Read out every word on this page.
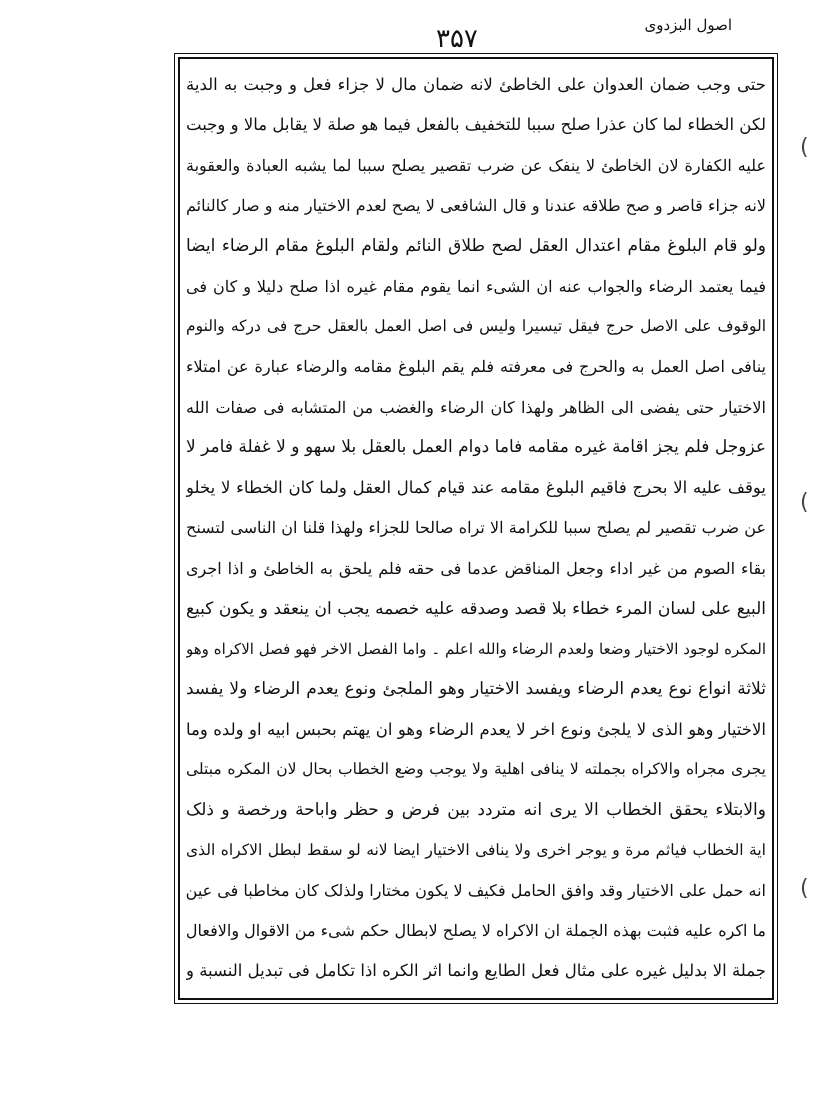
اصول البزدوی
۳۵۷
حتی وجب ضمان العدوان علی الخاطئ لانه ضمان مال لا جزاء فعل و وجبت به الدیة
لکن الخطاء لما کان عذرا صلح سببا للتخفیف بالفعل فیما هو صلة لا یقابل مالا و وجبت
علیه الکفارة لان الخاطئ لا ینفک عن ضرب تقصیر یصلح سببا لما یشبه العبادة والعقوبة
لانه جزاء قاصر و صح طلاقه عندنا و قال الشافعی لا یصح لعدم الاختیار منه و صار کالنائم
ولو قام البلوغ مقام اعتدال العقل لصح طلاق النائم ولقام البلوغ مقام الرضاء ایضا
فیما یعتمد الرضاء والجواب عنه ان الشیء انما یقوم مقام غیره اذا صلح دلیلا و کان فی
الوقوف علی الاصل حرج فیقل تیسیرا ولیس فی اصل العمل بالعقل حرج فی درکه والنوم
ینافی اصل العمل به والحرج فی معرفته فلم یقم البلوغ مقامه والرضاء عبارة عن امتلاء
الاختیار حتی یفضی الی الظاهر ولهذا کان الرضاء والغضب من المتشابه فی صفات الله
عزوجل فلم یجز اقامة غیره مقامه فاما دوام العمل بالعقل بلا سهو و لا غفلة فامر لا
یوقف علیه الا بحرج فاقیم البلوغ مقامه عند قیام کمال العقل ولما کان الخطاء لا یخلو
عن ضرب تقصیر لم یصلح سببا للکرامة الا تراه صالحا للجزاء ولهذا قلنا ان الناسی لتسنح
بقاء الصوم من غیر اداء وجعل المناقض عدما فی حقه فلم یلحق به الخاطئ و اذا اجری
البیع علی لسان المرء خطاء بلا قصد وصدقه علیه خصمه یجب ان ینعقد و یکون کبیع
المکره لوجود الاختیار وضعا ولعدم الرضاء والله اعلم ۔ واما الفصل الاخر فهو فصل الاکراه وهو
ثلاثة انواع نوع یعدم الرضاء ویفسد الاختیار وهو الملجئ ونوع یعدم الرضاء ولا یفسد
الاختیار وهو الذی لا یلجئ ونوع اخر لا یعدم الرضاء وهو ان یهتم بحبس ابیه او ولده وما
یجری مجراه والاکراه بجملته لا ینافی اهلیة ولا یوجب وضع الخطاب بحال لان المکره مبتلی
والابتلاء یحقق الخطاب الا یری انه متردد بین فرض و حظر واباحة ورخصة و ذلک
ایة الخطاب فیاثم مرة و یوجر اخری ولا ینافی الاختیار ایضا لانه لو سقط لبطل الاکراه الذی
انه حمل علی الاختیار وقد وافق الحامل فکیف لا یکون مختارا ولذلک کان مخاطبا فی عین
ما اکره علیه فثبت بهذه الجملة ان الاکراه لا یصلح لابطال حکم شیء من الاقوال والافعال
جملة الا بدلیل غیره علی مثال فعل الطایع وانما اثر الکره اذا تکامل فی تبدیل النسبة و
(
(
(
